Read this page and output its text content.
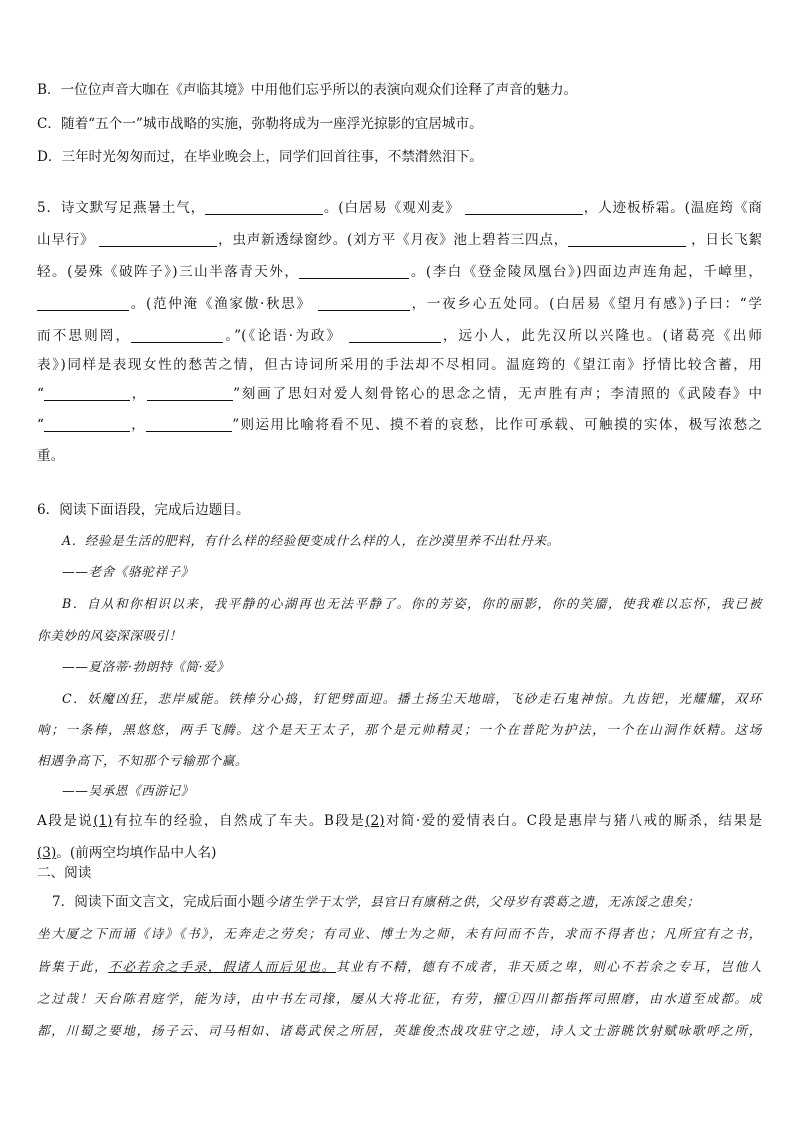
B．一位位声音大咖在《声临其境》中用他们忘乎所以的表演向观众们诠释了声音的魅力。
C．随着“五个一”城市战略的实施，弥勒将成为一座浮光掠影的宜居城市。
D．三年时光匆匆而过，在毕业晚会上，同学们回首往事，不禁潸然泪下。
5．诗文默写足燕暑土气，	。(白居易《观刈麦》	，人迹板桥霜。(温庭筠《商
山早行》	，虫声新透绿窗纱。(刘方平《月夜》池上碧苔三四点，	，日长飞絮
轻。(晏殊《破阵子》)三山半落青天外，	。(李白《登金陵凤凰台》)四面边声连角起，千嶂里，
。(范仲淹《渔家傲·秋思》	，一夜乡心五处同。(白居易《望月有感》)子曰：“学
而不思则罔，	。”(《论语·为政》	，远小人，此先汉所以兴隆也。(诸葛亮《出师
表》)同样是表现女性的愁苦之情，但古诗词所采用的手法却不尽相同。温庭筠的《望江南》抒情比较含蓄，用
“	，	”刻画了思妇对爱人刻骨铭心的思念之情，无声胜有声；李清照的《武陵春》中
“	，	”则运用比喻将看不见、摸不着的哀愁，比作可承载、可触摸的实体，极写浓愁之
重。
6．阅读下面语段，完成后边题目。
A．经验是生活的肥料，有什么样的经验便变成什么样的人，在沙漠里养不出牡丹来。
——老舍《骆驼祥子》
B．自从和你相识以来，我平静的心湖再也无法平静了。你的芳姿，你的丽影，你的笑靥，使我难以忘怀，我已被
你美妙的风姿深深吸引！
——夏洛蒂·勃朗特《简·爱》
C．妖魔凶狂，悲岸威能。铁棒分心捣，钉钯劈面迎。播土扬尘天地暗，飞砂走石鬼神惊。九齿钯，光耀耀，双环
响；一条棒，黑悠悠，两手飞腾。这个是天王太子，那个是元帅精灵；一个在普陀为护法，一个在山洞作妖精。这场
相遇争高下，不知那个亏输那个赢。
——吴承恩《西游记》
A段是说(1)有拉车的经验，自然成了车夫。B段是(2)对简·爱的爱情表白。C段是惠岸与猪八戒的厮杀，结果是
(3)。(前两空均填作品中人名)
二、阅读
7．阅读下面文言文，完成后面小题今诸生学于太学，县官日有廪稍之供，父母岁有裘葛之遗，无冻馁之患矣；
坐大厦之下而诵《诗》《书》，无奔走之劳矣；有司业、博士为之师，未有问而不告，求而不得者也；凡所宜有之书，
皆集于此，不必若余之手录，假诸人而后见也。其业有不精，德有不成者，非天质之卑，则心不若余之专耳，岂他人
之过哉！天台陈君庭学，能为诗，由中书左司掾，屡从大将北征，有劳，擢①四川都指挥司照磨，由水道至成都。成
都，川蜀之要地，扬子云、司马相如、诸葛武侯之所居，英雄俊杰战攻驻守之迹，诗人文士游眺饮射赋咏歌呼之所，
